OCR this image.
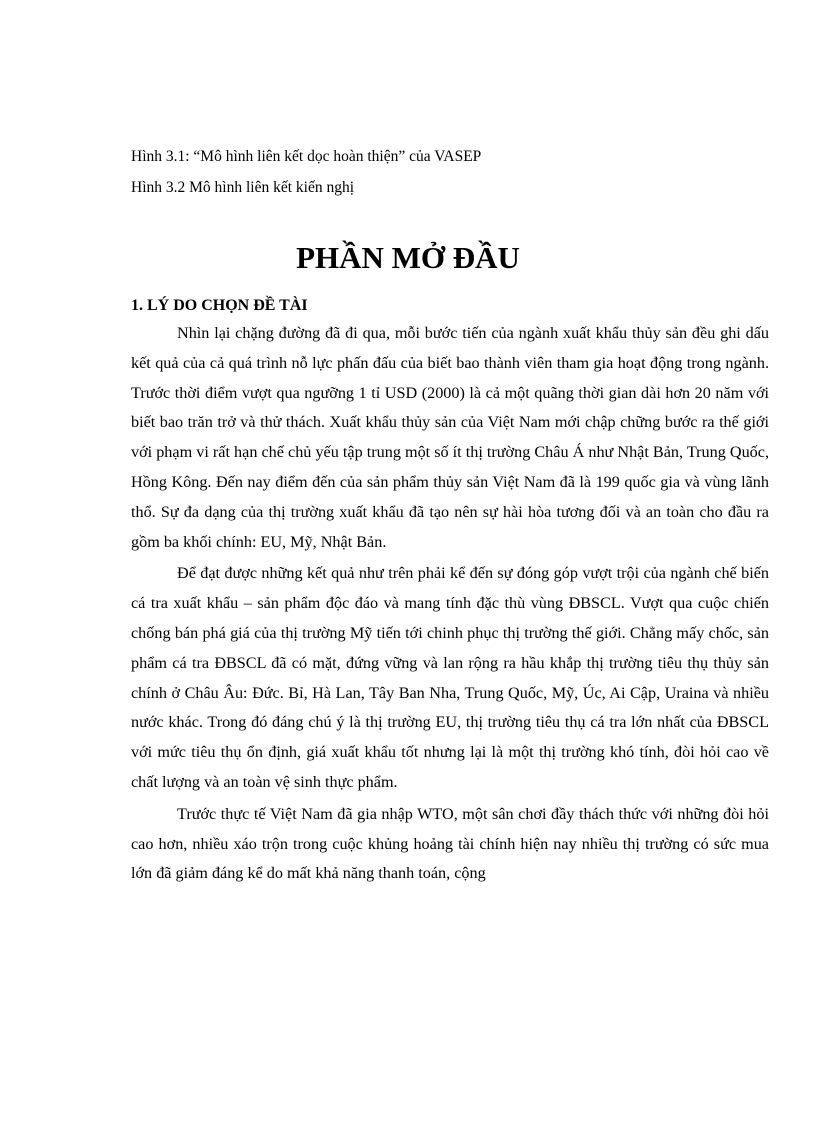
Hình 3.1: “Mô hình liên kết dọc hoàn thiện” của VASEP

Hình 3.2 Mô hình liên kết kiến nghị

PHẦN MỞ ĐẦU
1. LÝ DO CHỌN ĐỀ TÀI

Nhìn lại chặng đường đã đi qua, mỗi bước tiến của ngành xuất khẩu thủy sản đều ghi dấu kết quả của cả quá trình nỗ lực phấn đấu của biết bao thành viên tham gia hoạt động trong ngành. Trước thời điểm vượt qua ngưỡng 1 tỉ USD (2000) là cả một quãng thời gian dài hơn 20 năm với biết bao trăn trở và thử thách. Xuất khẩu thủy sản của Việt Nam mới chập chững bước ra thế giới với phạm vi rất hạn chế chủ yếu tập trung một số ít thị trường Châu Á như Nhật Bản, Trung Quốc, Hồng Kông. Đến nay điểm đến của sản phẩm thủy sản Việt Nam đã là 199 quốc gia và vùng lãnh thổ. Sự đa dạng của thị trường xuất khẩu đã tạo nên sự hài hòa tương đối và an toàn cho đầu ra gồm ba khối chính: EU, Mỹ, Nhật Bản.

Để đạt được những kết quả như trên phải kể đến sự đóng góp vượt trội của ngành chế biến cá tra xuất khẩu – sản phẩm độc đáo và mang tính đặc thù vùng ĐBSCL. Vượt qua cuộc chiến chống bán phá giá của thị trường Mỹ tiến tới chinh phục thị trường thế giới. Chẳng mấy chốc, sản phẩm cá tra ĐBSCL đã có mặt, đứng vững và lan rộng ra hầu khắp thị trường tiêu thụ thủy sản chính ở Châu Âu: Đức. Bỉ, Hà Lan, Tây Ban Nha, Trung Quốc, Mỹ, Úc, Ai Cập, Uraina và nhiều nước khác. Trong đó đáng chú ý là thị trường EU, thị trường tiêu thụ cá tra lớn nhất của ĐBSCL với mức tiêu thụ ổn định, giá xuất khẩu tốt nhưng lại là một thị trường khó tính, đòi hỏi cao về chất lượng và an toàn vệ sinh thực phẩm.

Trước thực tế Việt Nam đã gia nhập WTO, một sân chơi đầy thách thức với những đòi hỏi cao hơn, nhiều xáo trộn trong cuộc khủng hoảng tài chính hiện nay nhiều thị trường có sức mua lớn đã giảm đáng kể do mất khả năng thanh toán, cộng
